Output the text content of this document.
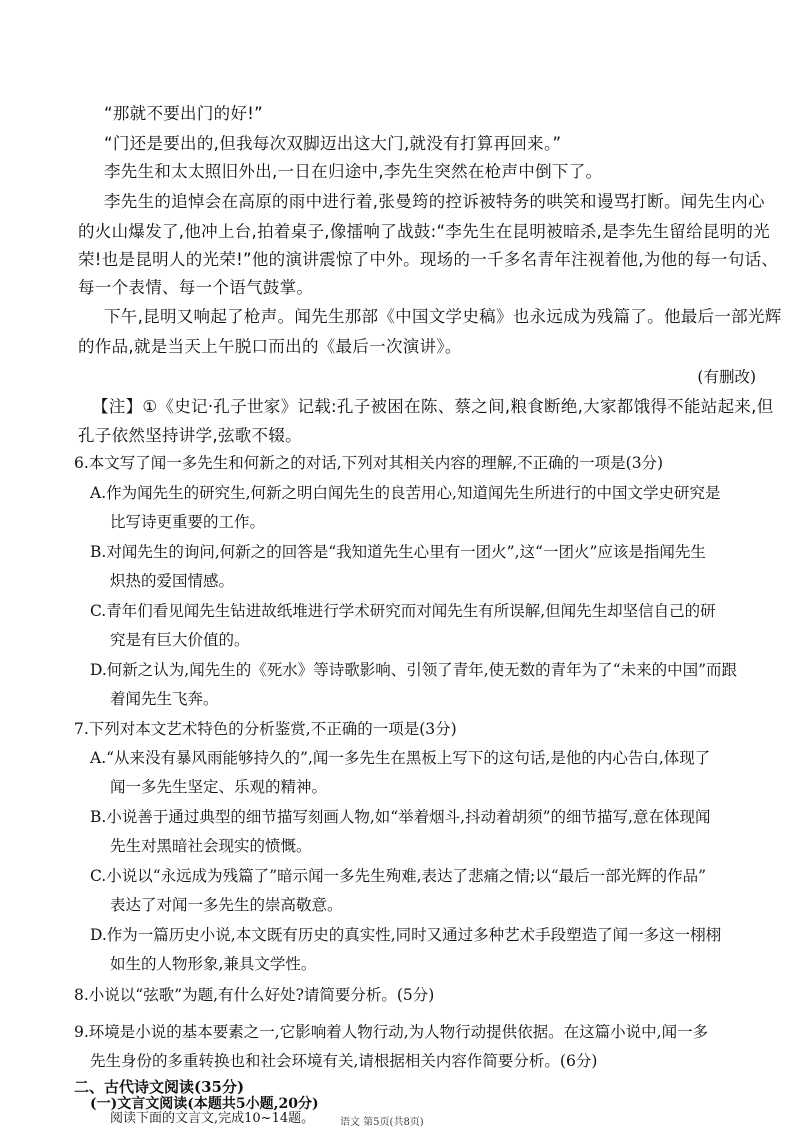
“那就不要出门的好!”
“门还是要出的,但我每次双脚迈出这大门,就没有打算再回来。”
李先生和太太照旧外出,一日在归途中,李先生突然在枪声中倒下了。
李先生的追悼会在高原的雨中进行着,张曼筠的控诉被特务的哄笑和谩骂打断。闻先生内心
的火山爆发了,他冲上台,拍着桌子,像擂响了战鼓:“李先生在昆明被暗杀,是李先生留给昆明的光
荣!也是昆明人的光荣!”他的演讲震惊了中外。现场的一千多名青年注视着他,为他的每一句话、
每一个表情、每一个语气鼓掌。
下午,昆明又响起了枪声。闻先生那部《中国文学史稿》也永远成为残篇了。他最后一部光辉
的作品,就是当天上午脱口而出的《最后一次演讲》。
(有删改)
【注】①《史记·孔子世家》记载:孔子被困在陈、蔡之间,粮食断绝,大家都饿得不能站起来,但
孔子依然坚持讲学,弦歌不辍。
6.本文写了闻一多先生和何新之的对话,下列对其相关内容的理解,不正确的一项是(3分)
A.作为闻先生的研究生,何新之明白闻先生的良苦用心,知道闻先生所进行的中国文学史研究是
比写诗更重要的工作。
B.对闻先生的询问,何新之的回答是“我知道先生心里有一团火”,这“一团火”应该是指闻先生
炽热的爱国情感。
C.青年们看见闻先生钻进故纸堆进行学术研究而对闻先生有所误解,但闻先生却坚信自己的研
究是有巨大价值的。
D.何新之认为,闻先生的《死水》等诗歌影响、引领了青年,使无数的青年为了“未来的中国”而跟
着闻先生飞奔。
7.下列对本文艺术特色的分析鉴赏,不正确的一项是(3分)
A.“从来没有暴风雨能够持久的”,闻一多先生在黑板上写下的这句话,是他的内心告白,体现了
闻一多先生坚定、乐观的精神。
B.小说善于通过典型的细节描写刻画人物,如“举着烟斗,抖动着胡须”的细节描写,意在体现闻
先生对黑暗社会现实的愤慨。
C.小说以“永远成为残篇了”暗示闻一多先生殉难,表达了悲痛之情;以“最后一部光辉的作品”
表达了对闻一多先生的崇高敬意。
D.作为一篇历史小说,本文既有历史的真实性,同时又通过多种艺术手段塑造了闻一多这一栩栩
如生的人物形象,兼具文学性。
8.小说以“弦歌”为题,有什么好处?请简要分析。(5分)
9.环境是小说的基本要素之一,它影响着人物行动,为人物行动提供依据。在这篇小说中,闻一多
先生身份的多重转换也和社会环境有关,请根据相关内容作简要分析。(6分)
二、古代诗文阅读(35分)
(一)文言文阅读(本题共5小题,20分)
阅读下面的文言文,完成10~14题。	语文 第5页(共8页)
